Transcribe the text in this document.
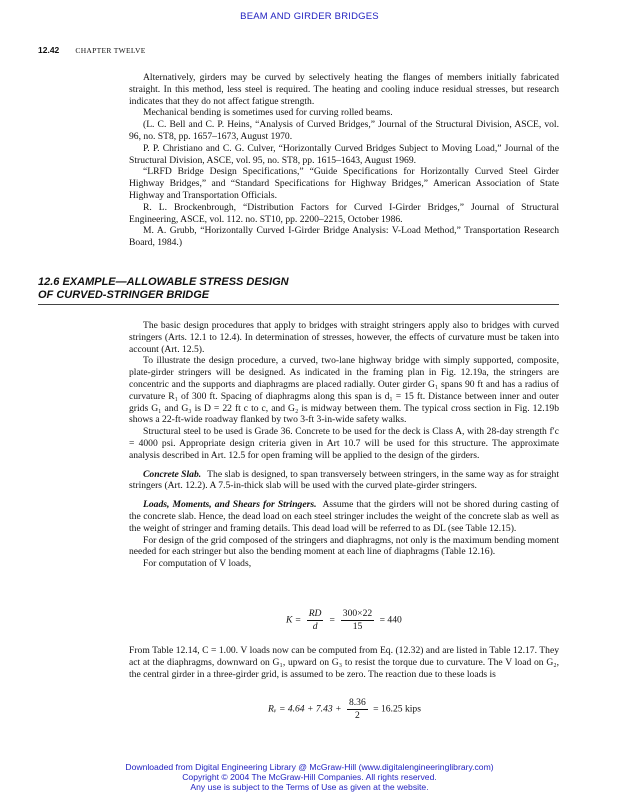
BEAM AND GIRDER BRIDGES
12.42 CHAPTER TWELVE

Alternatively, girders may be curved by selectively heating the flanges of members initially fabricated straight. In this method, less steel is required. The heating and cooling induce residual stresses, but research indicates that they do not affect fatigue strength.

Mechanical bending is sometimes used for curving rolled beams.

(L. C. Bell and C. P. Heins, “Analysis of Curved Bridges,” Journal of the Structural Division, ASCE, vol. 96, no. ST8, pp. 1657–1673, August 1970.

P. P. Christiano and C. G. Culver, “Horizontally Curved Bridges Subject to Moving Load,” Journal of the Structural Division, ASCE, vol. 95, no. ST8, pp. 1615–1643, August 1969.

“LRFD Bridge Design Specifications,” “Guide Specifications for Horizontally Curved Steel Girder Highway Bridges,” and “Standard Specifications for Highway Bridges,” American Association of State Highway and Transportation Officials.

R. L. Brockenbrough, “Distribution Factors for Curved I-Girder Bridges,” Journal of Structural Engineering, ASCE, vol. 112. no. ST10, pp. 2200–2215, October 1986.

M. A. Grubb, “Horizontally Curved I-Girder Bridge Analysis: V-Load Method,” Transportation Research Board, 1984.)

12.6 EXAMPLE—ALLOWABLE STRESS DESIGN
OF CURVED-STRINGER BRIDGE

The basic design procedures that apply to bridges with straight stringers apply also to bridges with curved stringers (Arts. 12.1 to 12.4). In determination of stresses, however, the effects of curvature must be taken into account (Art. 12.5).

To illustrate the design procedure, a curved, two-lane highway bridge with simply supported, composite, plate-girder stringers will be designed. As indicated in the framing plan in Fig. 12.19a, the stringers are concentric and the supports and diaphragms are placed radially. Outer girder G₁ spans 90 ft and has a radius of curvature R₁ of 300 ft. Spacing of diaphragms along this span is d₁ = 15 ft. Distance between inner and outer grids G₁ and G₃ is D = 22 ft c to c, and G₂ is midway between them. The typical cross section in Fig. 12.19b shows a 22-ft-wide roadway flanked by two 3-ft 3-in-wide safety walks.

Structural steel to be used is Grade 36. Concrete to be used for the deck is Class A, with 28-day strength f′c = 4000 psi. Appropriate design criteria given in Art 10.7 will be used for this structure. The approximate analysis described in Art. 12.5 for open framing will be applied to the design of the girders.

Concrete Slab. The slab is designed, to span transversely between stringers, in the same way as for straight stringers (Art. 12.2). A 7.5-in-thick slab will be used with the curved plate-girder stringers.

Loads, Moments, and Shears for Stringers. Assume that the girders will not be shored during casting of the concrete slab. Hence, the dead load on each steel stringer includes the weight of the concrete slab as well as the weight of stringer and framing details. This dead load will be referred to as DL (see Table 12.15).

For design of the grid composed of the stringers and diaphragms, not only is the maximum bending moment needed for each stringer but also the bending moment at each line of diaphragms (Table 12.16).

For computation of V loads,

$K = \frac{RD}{d} = \frac{300\times 22}{15} = 440$

From Table 12.14, C = 1.00. V loads now can be computed from Eq. (12.32) and are listed in Table 12.17. They act at the diaphragms, downward on G₁, upward on G₃ to resist the torque due to curvature. The V load on G₂, the central girder in a three-girder grid, is assumed to be zero. The reaction due to these loads is

Rᵥ = $4.64 + 7.43 + \frac{8.36}{2} = 16.25$ kips
Downloaded from Digital Engineering Library @ McGraw-Hill (www.digitalengineeringlibrary.com)
Copyright © 2004 The McGraw-Hill Companies. All rights reserved.
Any use is subject to the Terms of Use as given at the website.
